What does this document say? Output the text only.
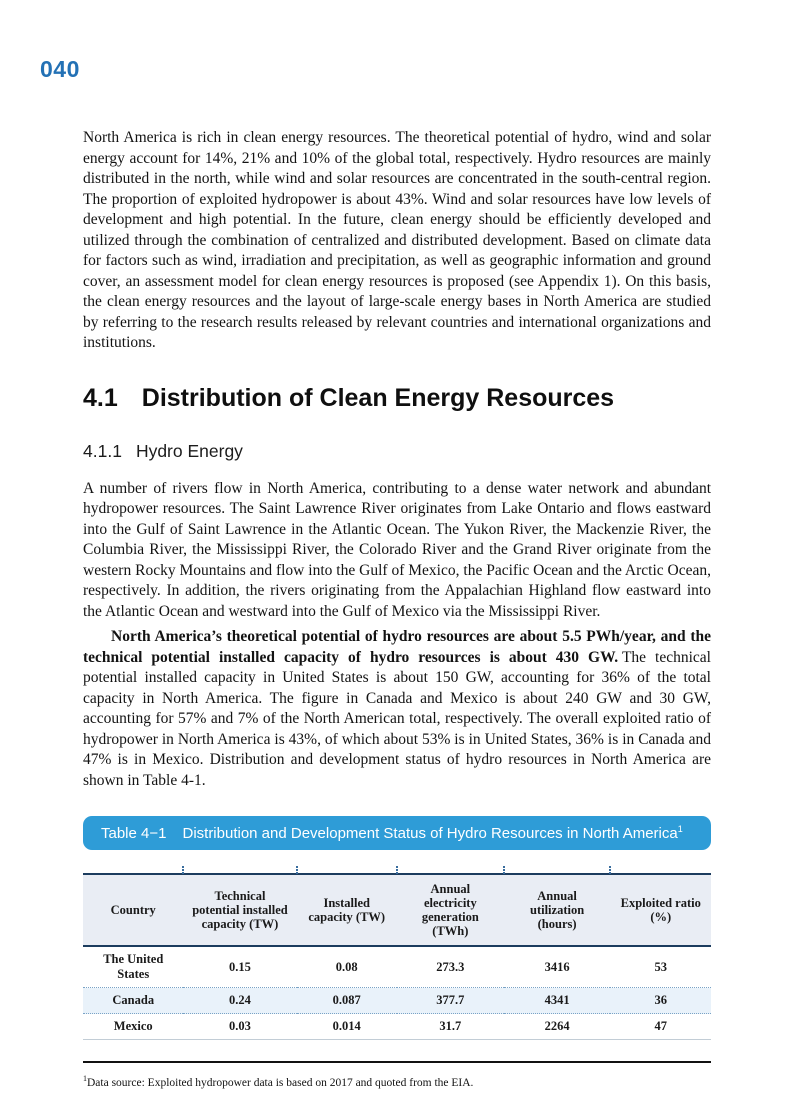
040

North America is rich in clean energy resources. The theoretical potential of hydro, wind and solar energy account for 14%, 21% and 10% of the global total, respectively. Hydro resources are mainly distributed in the north, while wind and solar resources are concentrated in the south-central region. The proportion of exploited hydropower is about 43%. Wind and solar resources have low levels of development and high potential. In the future, clean energy should be efficiently developed and utilized through the combination of centralized and distributed development. Based on climate data for factors such as wind, irradiation and precipitation, as well as geographic information and ground cover, an assessment model for clean energy resources is proposed (see Appendix 1). On this basis, the clean energy resources and the layout of large-scale energy bases in North America are studied by referring to the research results released by relevant countries and international organizations and institutions.

4.1 Distribution of Clean Energy Resources
4.1.1 Hydro Energy

A number of rivers flow in North America, contributing to a dense water network and abundant hydropower resources. The Saint Lawrence River originates from Lake Ontario and flows eastward into the Gulf of Saint Lawrence in the Atlantic Ocean. The Yukon River, the Mackenzie River, the Columbia River, the Mississippi River, the Colorado River and the Grand River originate from the western Rocky Mountains and flow into the Gulf of Mexico, the Pacific Ocean and the Arctic Ocean, respectively. In addition, the rivers originating from the Appalachian Highland flow eastward into the Atlantic Ocean and westward into the Gulf of Mexico via the Mississippi River.

North America’s theoretical potential of hydro resources are about 5.5 PWh/year, and the technical potential installed capacity of hydro resources is about 430 GW. The technical potential installed capacity in United States is about 150 GW, accounting for 36% of the total capacity in North America. The figure in Canada and Mexico is about 240 GW and 30 GW, accounting for 57% and 7% of the North American total, respectively. The overall exploited ratio of hydropower in North America is 43%, of which about 53% is in United States, 36% is in Canada and 47% is in Mexico. Distribution and development status of hydro resources in North America are shown in Table 4-1.

Table 4−1 Distribution and Development Status of Hydro Resources in North America$^1$
Country	Technical potential installed capacity (TW)	Installed capacity (TW)	Annual electricity generation (TWh)	Annual utilization (hours)	Exploited ratio (%)
The United States	0.15	0.08	273.3	3416	53
Canada	0.24	0.087	377.7	4341	36
Mexico	0.03	0.014	31.7	2264	47

$^1$Data source: Exploited hydropower data is based on 2017 and quoted from the EIA.
